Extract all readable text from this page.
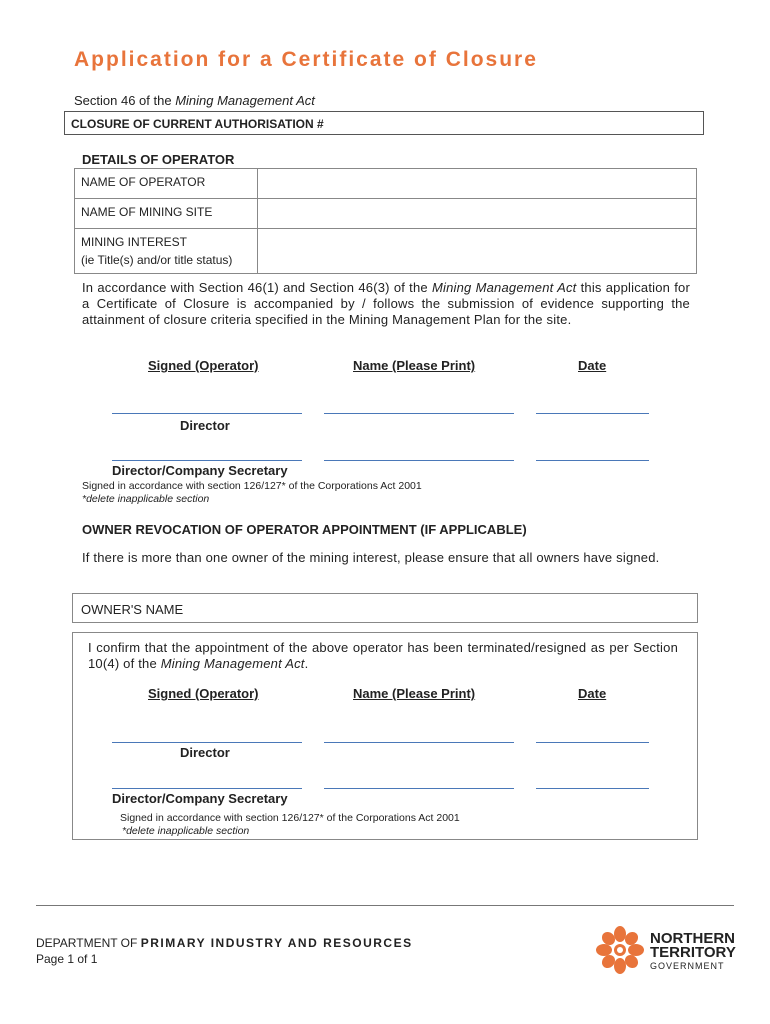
Application for a Certificate of Closure
Section 46 of the Mining Management Act
CLOSURE OF CURRENT AUTHORISATION #
DETAILS OF OPERATOR
NAME OF OPERATOR	
NAME OF MINING SITE	

MINING INTEREST
(ie Title(s) and/or title status)	

In accordance with Section 46(1) and Section 46(3) of the Mining Management Act this application for a Certificate of Closure is accompanied by / follows the submission of evidence supporting the attainment of closure criteria specified in the Mining Management Plan for the site.
Signed (Operator)	Name (Please Print)	Date
Director
Director/Company Secretary
Signed in accordance with section 126/127* of the Corporations Act 2001
*delete inapplicable section
OWNER REVOCATION OF OPERATOR APPOINTMENT (IF APPLICABLE)
If there is more than one owner of the mining interest, please ensure that all owners have signed.
OWNER'S NAME
I confirm that the appointment of the above operator has been terminated/resigned as per Section 10(4) of the Mining Management Act.
Signed (Operator)	Name (Please Print)	Date
Director
Director/Company Secretary
Signed in accordance with section 126/127* of the Corporations Act 2001
*delete inapplicable section
DEPARTMENT OF PRIMARY INDUSTRY AND RESOURCES
Page 1 of 1
NORTHERN
TERRITORY
GOVERNMENT
